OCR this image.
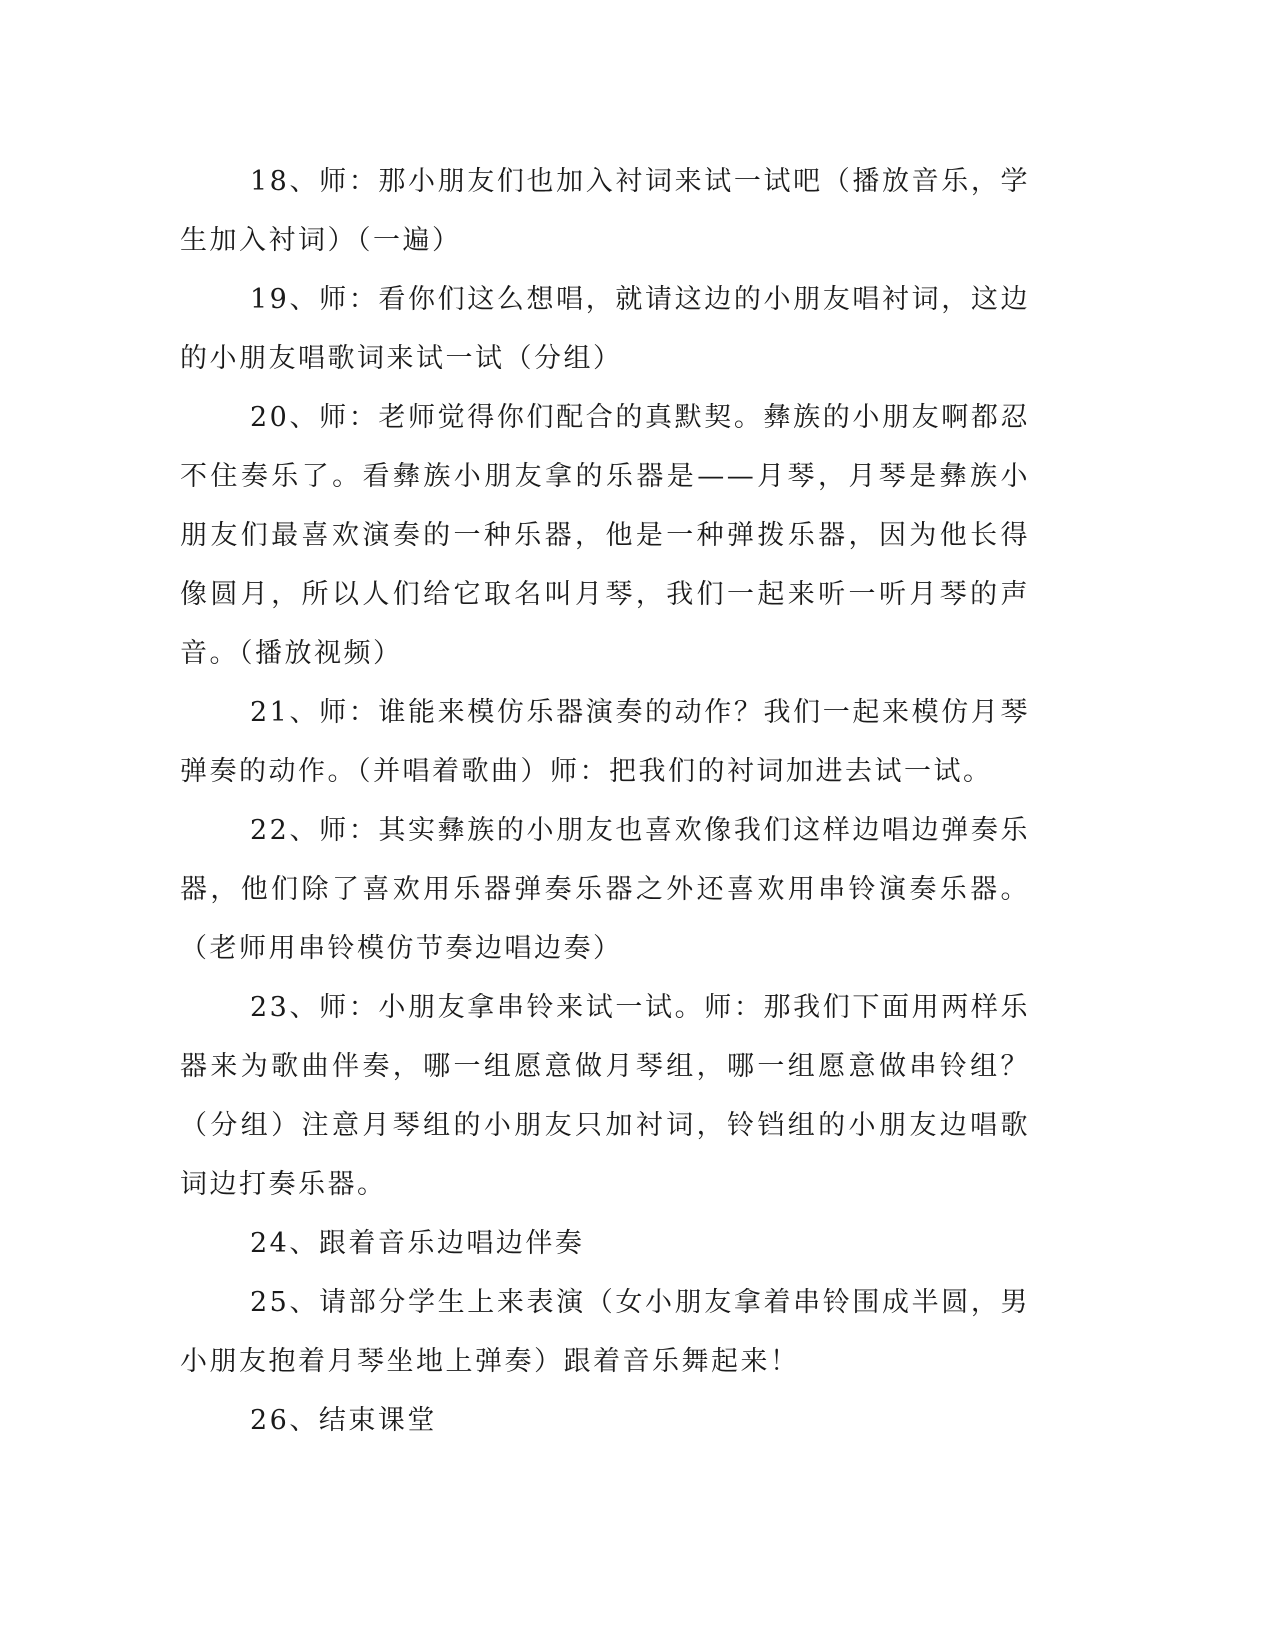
18、师：那小朋友们也加入衬词来试一试吧（播放音乐，学生加入衬词）（一遍）

19、师：看你们这么想唱，就请这边的小朋友唱衬词，这边的小朋友唱歌词来试一试（分组）

20、师：老师觉得你们配合的真默契。彝族的小朋友啊都忍不住奏乐了。看彝族小朋友拿的乐器是——月琴，月琴是彝族小朋友们最喜欢演奏的一种乐器，他是一种弹拨乐器，因为他长得像圆月，所以人们给它取名叫月琴，我们一起来听一听月琴的声音。（播放视频）

21、师：谁能来模仿乐器演奏的动作？我们一起来模仿月琴弹奏的动作。（并唱着歌曲）师：把我们的衬词加进去试一试。

22、师：其实彝族的小朋友也喜欢像我们这样边唱边弹奏乐器，他们除了喜欢用乐器弹奏乐器之外还喜欢用串铃演奏乐器。（老师用串铃模仿节奏边唱边奏）

23、师：小朋友拿串铃来试一试。师：那我们下面用两样乐器来为歌曲伴奏，哪一组愿意做月琴组，哪一组愿意做串铃组？（分组）注意月琴组的小朋友只加衬词，铃铛组的小朋友边唱歌词边打奏乐器。

24、跟着音乐边唱边伴奏

25、请部分学生上来表演（女小朋友拿着串铃围成半圆，男小朋友抱着月琴坐地上弹奏）跟着音乐舞起来！

26、结束课堂
